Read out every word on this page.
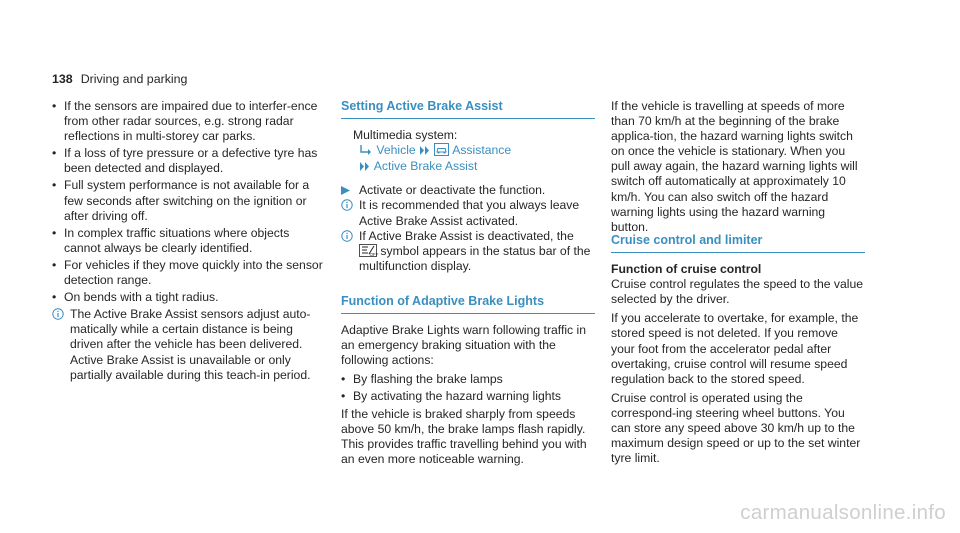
138 Driving and parking
• If the sensors are impaired due to interfer-ence from other radar sources, e.g. strong radar reflections in multi-storey car parks.
• If a loss of tyre pressure or a defective tyre has been detected and displayed.
• Full system performance is not available for a few seconds after switching on the ignition or after driving off.
• In complex traffic situations where objects cannot always be clearly identified.
• For vehicles if they move quickly into the sensor detection range.
• On bends with a tight radius.
The Active Brake Assist sensors adjust auto-matically while a certain distance is being driven after the vehicle has been delivered. Active Brake Assist is unavailable or only partially available during this teach-in period.
Setting Active Brake Assist
Multimedia system:
Vehicle	Assistance
Active Brake Assist
Activate or deactivate the function.
It is recommended that you always leave Active Brake Assist activated.
If Active Brake Assist is deactivated, the
OFF symbol appears in the status bar of the multifunction display.
Function of Adaptive Brake Lights

Adaptive Brake Lights warn following traffic in an emergency braking situation with the following actions:

• By flashing the brake lamps
• By activating the hazard warning lights

If the vehicle is braked sharply from speeds above 50 km/h, the brake lamps flash rapidly. This provides traffic travelling behind you with an even more noticeable warning.

If the vehicle is travelling at speeds of more than 70 km/h at the beginning of the brake applica-tion, the hazard warning lights switch on once the vehicle is stationary. When you pull away again, the hazard warning lights will switch off automatically at approximately 10 km/h. You can also switch off the hazard warning lights using the hazard warning button.

Cruise control and limiter
Function of cruise control

Cruise control regulates the speed to the value selected by the driver.

If you accelerate to overtake, for example, the stored speed is not deleted. If you remove your foot from the accelerator pedal after overtaking, cruise control will resume speed regulation back to the stored speed.

Cruise control is operated using the correspond-ing steering wheel buttons. You can store any speed above 30 km/h up to the maximum design speed or up to the set winter tyre limit.

carmanualsonline.info
